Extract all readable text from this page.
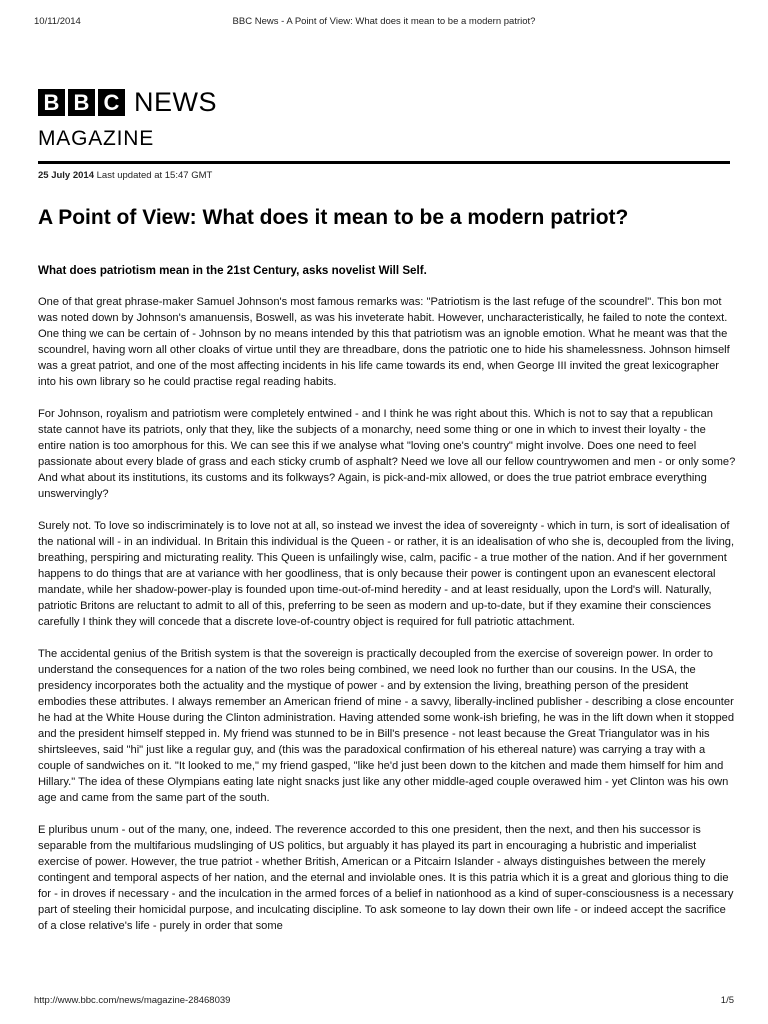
10/11/2014	BBC News - A Point of View: What does it mean to be a modern patriot?
B B C NEWS
MAGAZINE
25 July 2014 Last updated at 15:47 GMT
A Point of View: What does it mean to be a modern patriot?

What does patriotism mean in the 21st Century, asks novelist Will Self.

One of that great phrase-maker Samuel Johnson's most famous remarks was: "Patriotism is the last refuge of the scoundrel". This bon mot was noted down by Johnson's amanuensis, Boswell, as was his inveterate habit. However, uncharacteristically, he failed to note the context. One thing we can be certain of - Johnson by no means intended by this that patriotism was an ignoble emotion. What he meant was that the scoundrel, having worn all other cloaks of virtue until they are threadbare, dons the patriotic one to hide his shamelessness. Johnson himself was a great patriot, and one of the most affecting incidents in his life came towards its end, when George III invited the great lexicographer into his own library so he could practise regal reading habits.

For Johnson, royalism and patriotism were completely entwined - and I think he was right about this. Which is not to say that a republican state cannot have its patriots, only that they, like the subjects of a monarchy, need some thing or one in which to invest their loyalty - the entire nation is too amorphous for this. We can see this if we analyse what "loving one's country" might involve. Does one need to feel passionate about every blade of grass and each sticky crumb of asphalt? Need we love all our fellow countrywomen and men - or only some? And what about its institutions, its customs and its folkways? Again, is pick-and-mix allowed, or does the true patriot embrace everything unswervingly?

Surely not. To love so indiscriminately is to love not at all, so instead we invest the idea of sovereignty - which in turn, is sort of idealisation of the national will - in an individual. In Britain this individual is the Queen - or rather, it is an idealisation of who she is, decoupled from the living, breathing, perspiring and micturating reality. This Queen is unfailingly wise, calm, pacific - a true mother of the nation. And if her government happens to do things that are at variance with her goodliness, that is only because their power is contingent upon an evanescent electoral mandate, while her shadow-power-play is founded upon time-out-of-mind heredity - and at least residually, upon the Lord's will. Naturally, patriotic Britons are reluctant to admit to all of this, preferring to be seen as modern and up-to-date, but if they examine their consciences carefully I think they will concede that a discrete love-of-country object is required for full patriotic attachment.

The accidental genius of the British system is that the sovereign is practically decoupled from the exercise of sovereign power. In order to understand the consequences for a nation of the two roles being combined, we need look no further than our cousins. In the USA, the presidency incorporates both the actuality and the mystique of power - and by extension the living, breathing person of the president embodies these attributes. I always remember an American friend of mine - a savvy, liberally-inclined publisher - describing a close encounter he had at the White House during the Clinton administration. Having attended some wonk-ish briefing, he was in the lift down when it stopped and the president himself stepped in. My friend was stunned to be in Bill's presence - not least because the Great Triangulator was in his shirtsleeves, said "hi" just like a regular guy, and (this was the paradoxical confirmation of his ethereal nature) was carrying a tray with a couple of sandwiches on it. "It looked to me," my friend gasped, "like he'd just been down to the kitchen and made them himself for him and Hillary." The idea of these Olympians eating late night snacks just like any other middle-aged couple overawed him - yet Clinton was his own age and came from the same part of the south.

E pluribus unum - out of the many, one, indeed. The reverence accorded to this one president, then the next, and then his successor is separable from the multifarious mudslinging of US politics, but arguably it has played its part in encouraging a hubristic and imperialist exercise of power. However, the true patriot - whether British, American or a Pitcairn Islander - always distinguishes between the merely contingent and temporal aspects of her nation, and the eternal and inviolable ones. It is this patria which it is a great and glorious thing to die for - in droves if necessary - and the inculcation in the armed forces of a belief in nationhood as a kind of super-consciousness is a necessary part of steeling their homicidal purpose, and inculcating discipline. To ask someone to lay down their own life - or indeed accept the sacrifice of a close relative's life - purely in order that some

http://www.bbc.com/news/magazine-28468039	1/5
